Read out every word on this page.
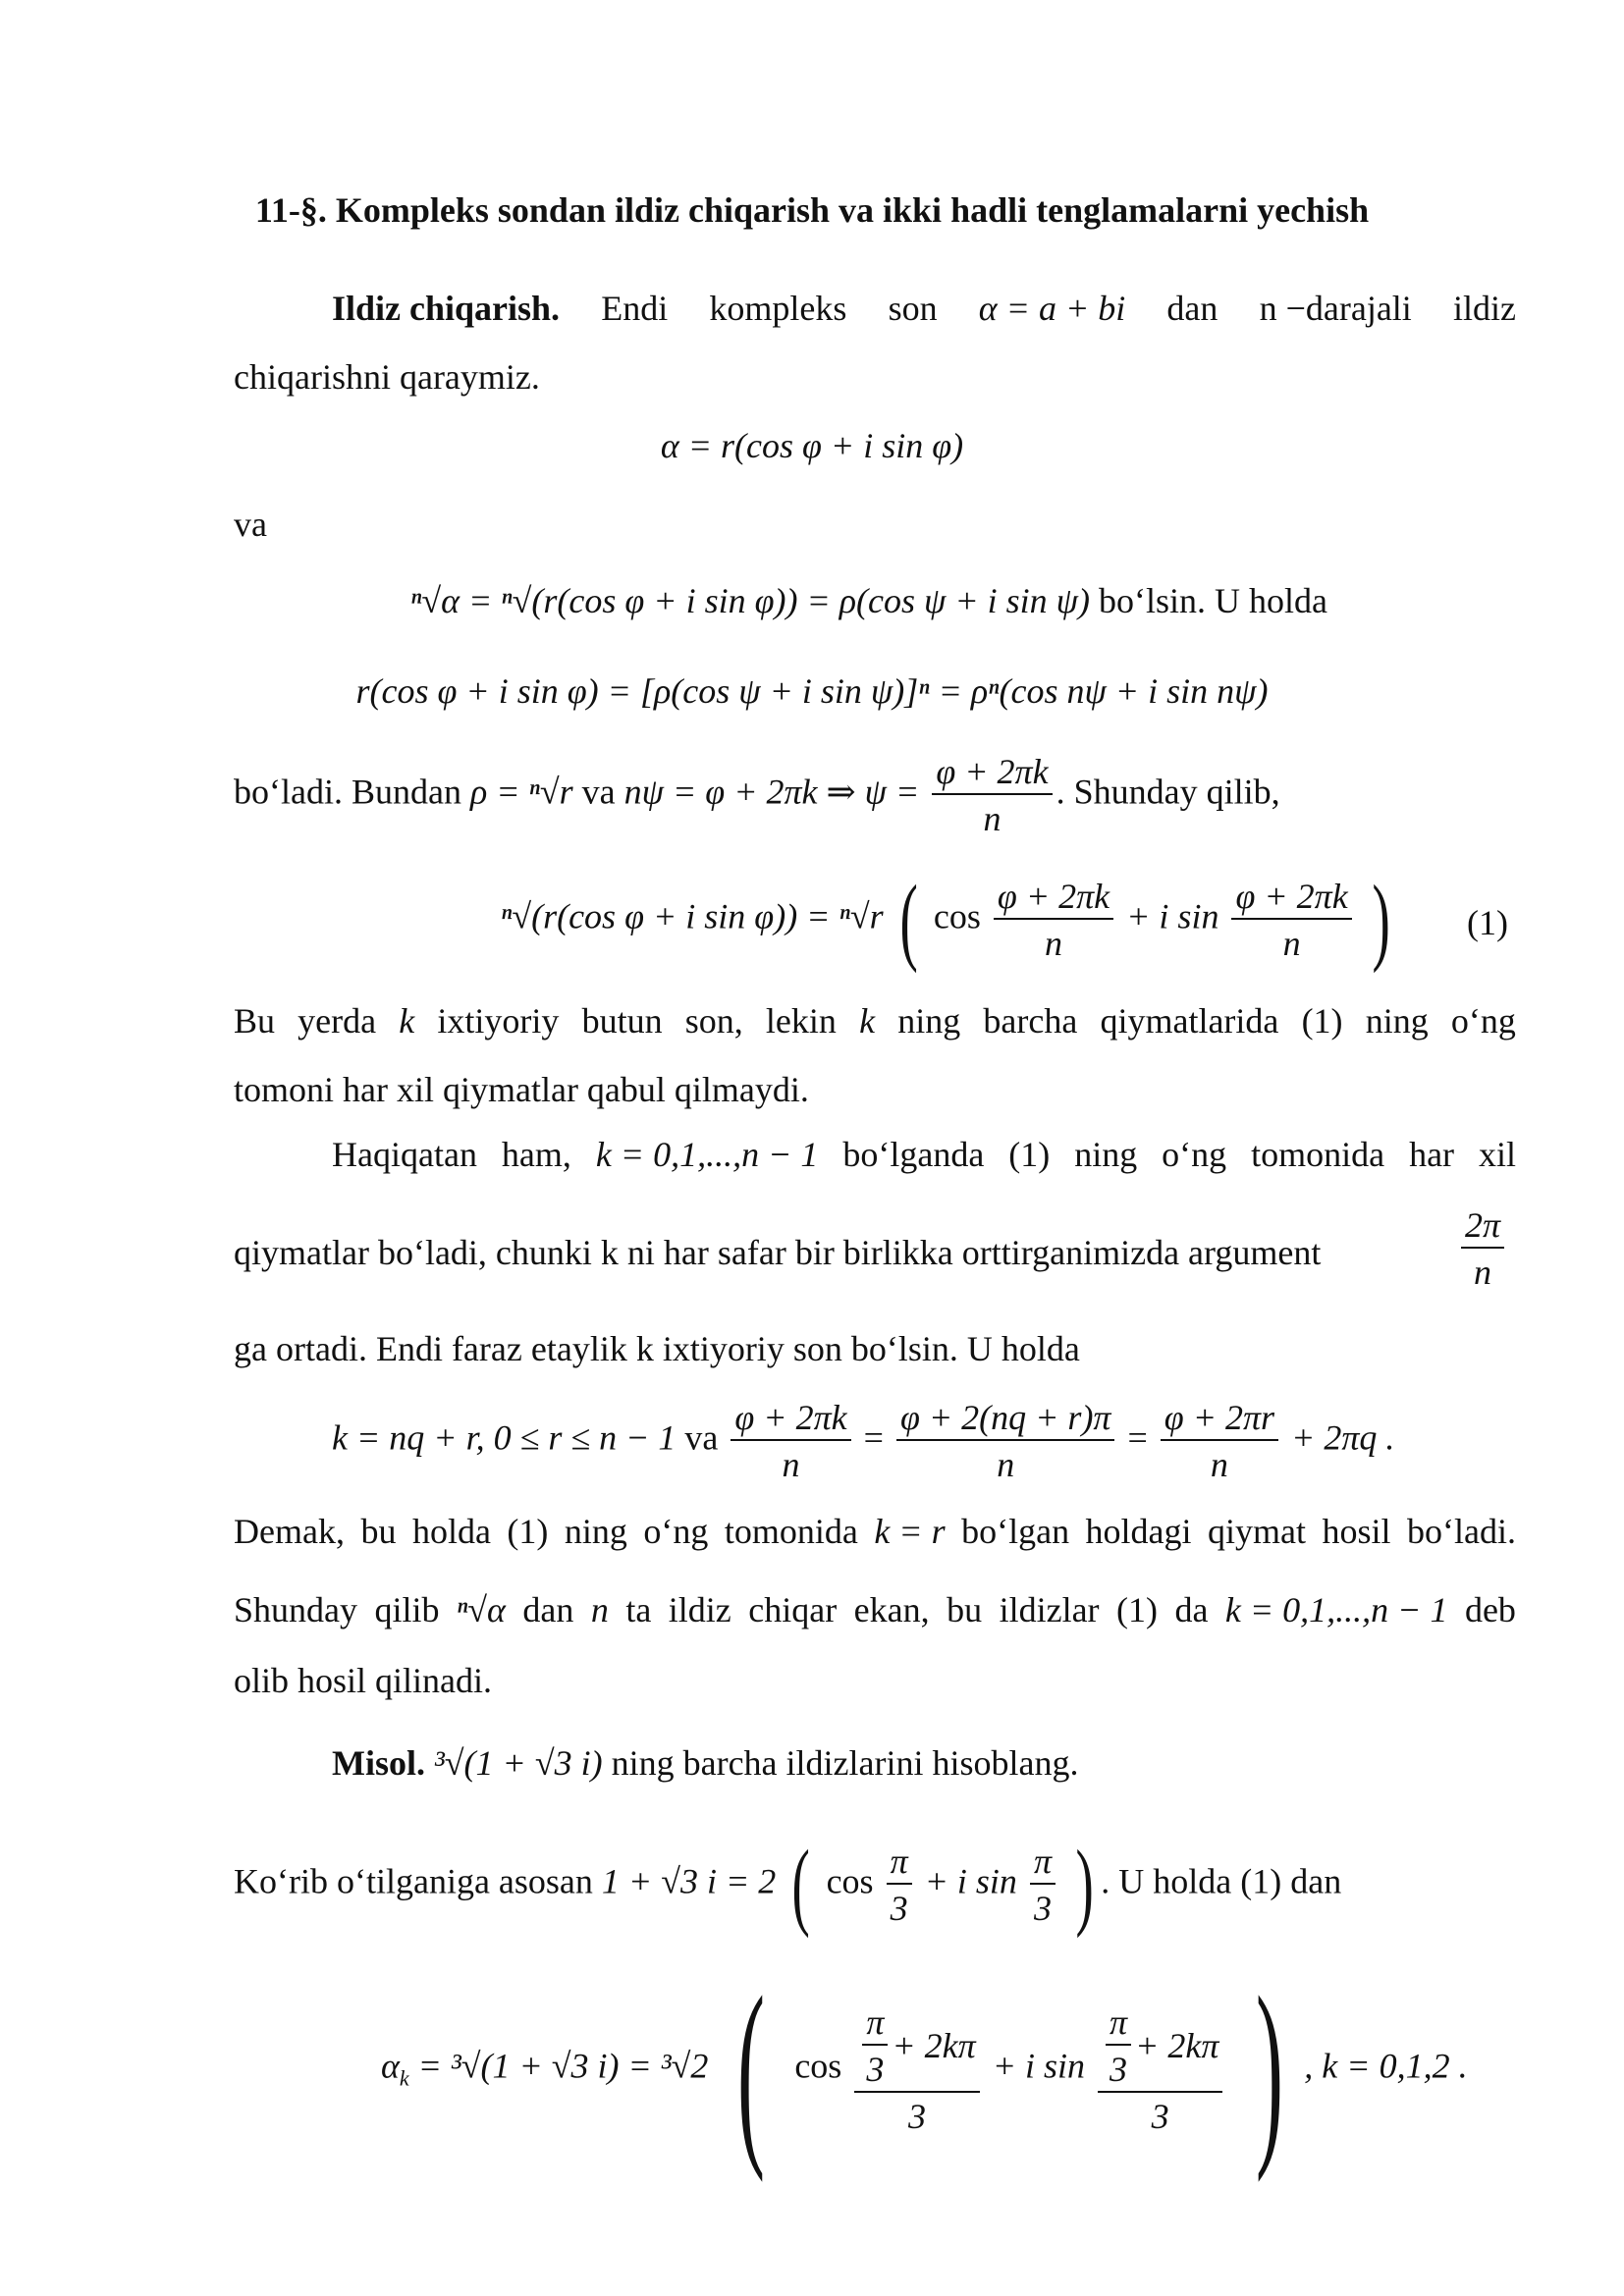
11-§. Kompleks sondan ildiz chiqarish va ikki hadli tenglamalarni yechish
Ildiz chiqarish. Endi kompleks son α = a + bi dan n −darajali ildiz
chiqarishni qaraymiz.
α = r(cos φ + i sin φ)
va
ⁿ√α = ⁿ√(r(cos φ + i sin φ)) = ρ(cos ψ + i sin ψ) bo‘lsin. U holda
r(cos φ + i sin φ) = [ρ(cos ψ + i sin ψ)]ⁿ = ρⁿ(cos nψ + i sin nψ)
bo‘ladi. Bundan ρ = ⁿ√r va nψ = φ + 2πk ⇒ $\psi = \frac{\varphi + 2\pi k}{n}$ . Shunday qilib,
ⁿ√(r(cos φ + i sin φ)) = ⁿ√r ( $\cos \frac{\varphi + 2\pi k}{n} + i$ $\sin \frac{\varphi + 2\pi k}{n}$ ) (1)
Bu yerda k ixtiyoriy butun son, lekin k ning barcha qiymatlarida (1) ning o‘ng
tomoni har xil qiymatlar qabul qilmaydi.
Haqiqatan ham, k = 0,1,...,n − 1 bo‘lganda (1) ning o‘ng tomonida har xil
qiymatlar bo‘ladi, chunki k ni har safar bir birlikka orttirganimizda argument	$\frac{2\pi}{n}$
ga ortadi. Endi faraz etaylik k ixtiyoriy son bo‘lsin. U holda
k = nq + r, 0 ≤ r ≤ n − 1 va $\frac{\varphi + 2\pi k}{n} = \frac{\varphi + 2(nq + r)\pi}{n} = \frac{\varphi + 2\pi r}{n} + 2\pi q$ .
Demak, bu holda (1) ning o‘ng tomonida k = r bo‘lgan holdagi qiymat hosil bo‘ladi.
Shunday qilib ⁿ√α dan n ta ildiz chiqar ekan, bu ildizlar (1) da k = 0,1,...,n − 1 deb
olib hosil qilinadi.
Misol. ³√(1 + √3 i) ning barcha ildizlarini hisoblang.
Ko‘rib o‘tilganiga asosan 1 + √3 i = 2 ( $\cos \frac{\pi}{3} + i$ $\sin \frac{\pi}{3}$ ) . U holda (1) dan
$\alpha_k = ^3√(1 + √3$ i) = ³√2 ( $\cos \frac{\frac{\pi}{3} + 2k\pi}{3} + i$ $\sin \frac{\frac{\pi}{3} + 2k\pi}{3}$ ) , k = 0,1,2 .
